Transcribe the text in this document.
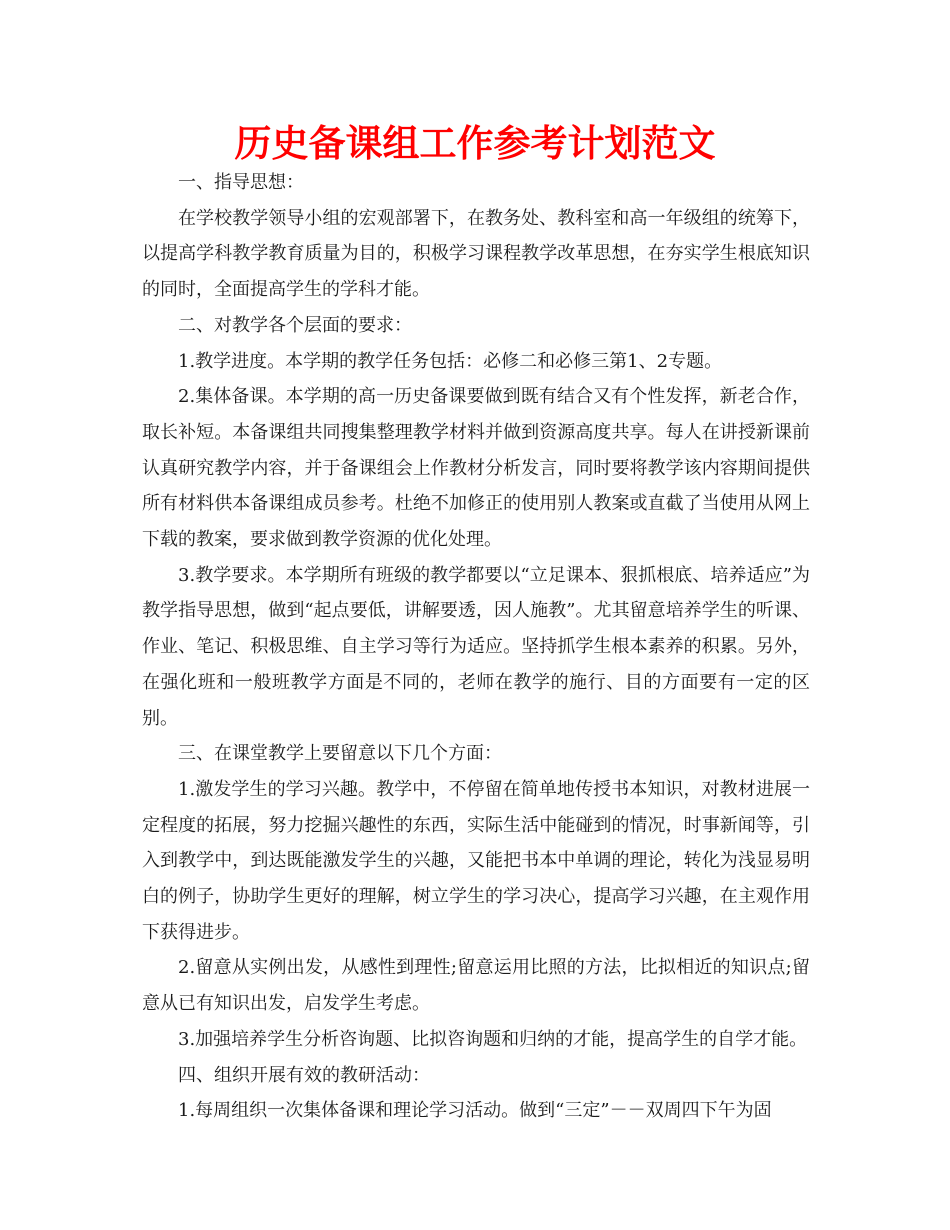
历史备课组工作参考计划范文

一、指导思想：

在学校教学领导小组的宏观部署下，在教务处、教科室和高一年级组的统筹下，以提高学科教学教育质量为目的，积极学习课程教学改革思想，在夯实学生根底知识的同时，全面提高学生的学科才能。

二、对教学各个层面的要求：

1.教学进度。本学期的教学任务包括：必修二和必修三第1、2专题。

2.集体备课。本学期的高一历史备课要做到既有结合又有个性发挥，新老合作，取长补短。本备课组共同搜集整理教学材料并做到资源高度共享。每人在讲授新课前认真研究教学内容，并于备课组会上作教材分析发言，同时要将教学该内容期间提供所有材料供本备课组成员参考。杜绝不加修正的使用别人教案或直截了当使用从网上下载的教案，要求做到教学资源的优化处理。

3.教学要求。本学期所有班级的教学都要以“立足课本、狠抓根底、培养适应”为教学指导思想，做到“起点要低，讲解要透，因人施教”。尤其留意培养学生的听课、作业、笔记、积极思维、自主学习等行为适应。坚持抓学生根本素养的积累。另外，在强化班和一般班教学方面是不同的，老师在教学的施行、目的方面要有一定的区别。

三、在课堂教学上要留意以下几个方面：

1.激发学生的学习兴趣。教学中，不停留在简单地传授书本知识，对教材进展一定程度的拓展，努力挖掘兴趣性的东西，实际生活中能碰到的情况，时事新闻等，引入到教学中，到达既能激发学生的兴趣，又能把书本中单调的理论，转化为浅显易明白的例子，协助学生更好的理解，树立学生的学习决心，提高学习兴趣，在主观作用下获得进步。

2.留意从实例出发，从感性到理性;留意运用比照的方法，比拟相近的知识点;留意从已有知识出发，启发学生考虑。

3.加强培养学生分析咨询题、比拟咨询题和归纳的才能，提高学生的自学才能。

四、组织开展有效的教研活动：

1.每周组织一次集体备课和理论学习活动。做到“三定”－－双周四下午为固
